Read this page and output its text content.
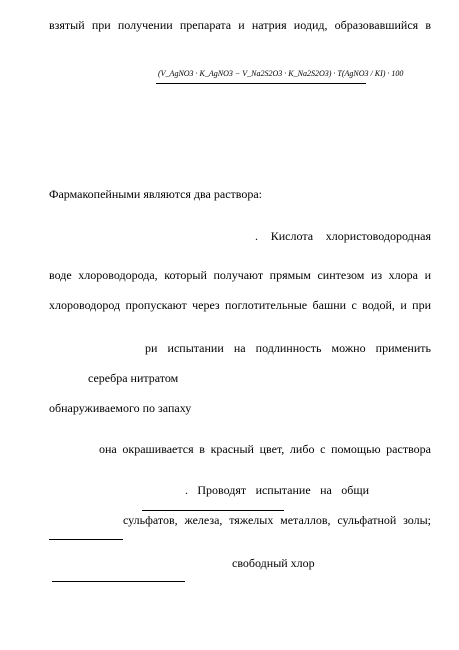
взятый при получении препарата и натрия иодид, образовавшийся в
(V_AgNO3 · K_AgNO3 − V_Na2S2O3 · K_Na2S2O3) · T(AgNO3 / KI) · 100
Фармакопейными являются два раствора:
. Кислота хлористоводородная
воде хлороводорода, который получают прямым синтезом из хлора и
хлороводород пропускают через поглотительные башни с водой, и при
ри испытании на подлинность можно применить
серебра нитратом
обнаруживаемого по запаху
она окрашивается в красный цвет, либо с помощью раствора
. Проводят испытание на общи
сульфатов, железа, тяжелых металлов, сульфатной золы;
свободный хлор
